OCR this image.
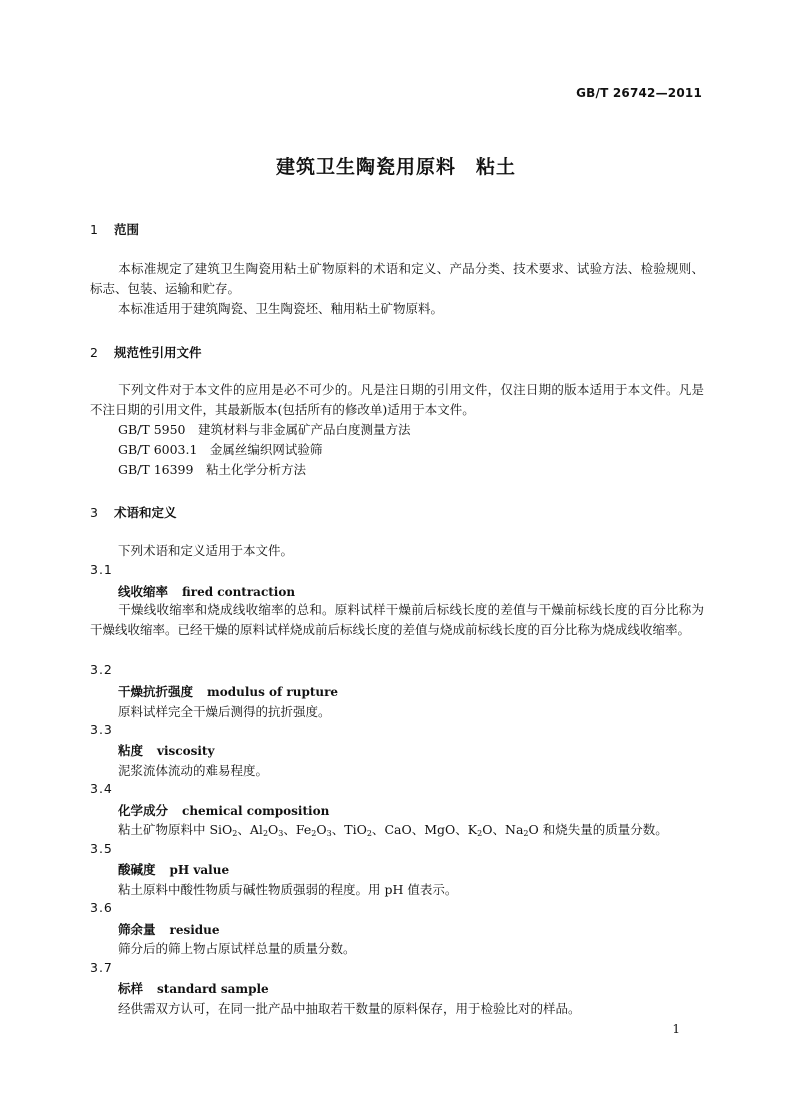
GB/T 26742—2011
建筑卫生陶瓷用原料　粘土
1 范围
本标准规定了建筑卫生陶瓷用粘土矿物原料的术语和定义、产品分类、技术要求、试验方法、检验规则、标志、包装、运输和贮存。
本标准适用于建筑陶瓷、卫生陶瓷坯、釉用粘土矿物原料。
2 规范性引用文件
下列文件对于本文件的应用是必不可少的。凡是注日期的引用文件，仅注日期的版本适用于本文件。凡是不注日期的引用文件，其最新版本(包括所有的修改单)适用于本文件。
GB/T 5950　建筑材料与非金属矿产品白度测量方法
GB/T 6003.1　金属丝编织网试验筛
GB/T 16399　粘土化学分析方法
3 术语和定义
下列术语和定义适用于本文件。
3.1
线收缩率 fired contraction
干燥线收缩率和烧成线收缩率的总和。原料试样干燥前后标线长度的差值与干燥前标线长度的百分比称为干燥线收缩率。已经干燥的原料试样烧成前后标线长度的差值与烧成前标线长度的百分比称为烧成线收缩率。
3.2
干燥抗折强度 modulus of rupture
原料试样完全干燥后测得的抗折强度。
3.3
粘度 viscosity
泥浆流体流动的难易程度。
3.4
化学成分 chemical composition
粘土矿物原料中 SiO$_2$、$Al_2O_3$、$Fe_2O_3$、TiO$_2$、CaO、MgO、$K_2O$、$Na_2O$ 和烧失量的质量分数。
3.5
酸碱度 pH value
粘土原料中酸性物质与碱性物质强弱的程度。用 pH 值表示。
3.6
筛余量 residue
筛分后的筛上物占原试样总量的质量分数。
3.7
标样 standard sample
经供需双方认可，在同一批产品中抽取若干数量的原料保存，用于检验比对的样品。
1
